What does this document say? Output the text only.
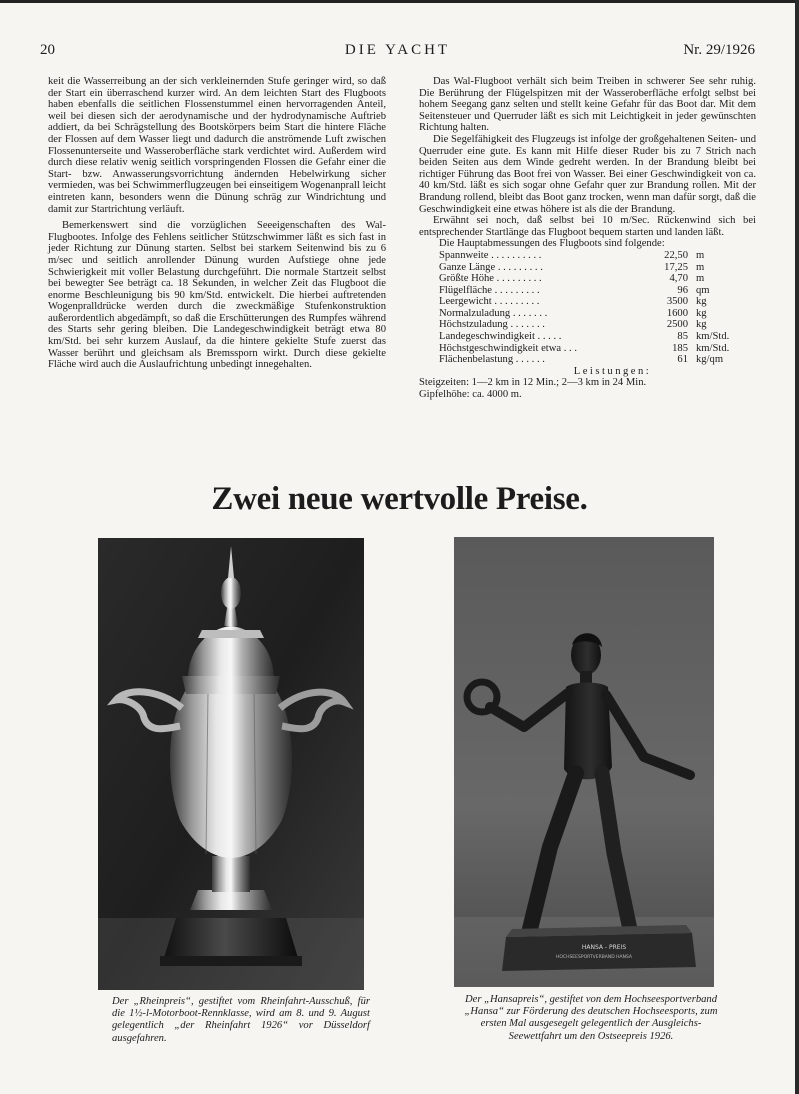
20	DIE YACHT	Nr. 29/1926

keit die Wasserreibung an der sich verkleinernden Stufe geringer wird, so daß der Start ein überraschend kurzer wird. An dem leichten Start des Flugboots haben ebenfalls die seitlichen Flossenstummel einen hervorragenden Anteil, weil bei diesen sich der aerodynamische und der hydrodynamische Auftrieb addiert, da bei Schrägstellung des Bootskörpers beim Start die hintere Fläche der Flossen auf dem Wasser liegt und dadurch die anströmende Luft zwischen Flossenunterseite und Wasseroberfläche stark verdichtet wird. Außerdem wird durch diese relativ wenig seitlich vorspringenden Flossen die Gefahr einer die Start- bzw. Anwasserungsvorrichtung ändernden Hebelwirkung sicher vermieden, was bei Schwimmerflugzeugen bei einseitigem Wogenanprall leicht eintreten kann, besonders wenn die Dünung schräg zur Windrichtung und damit zur Startrichtung verläuft.

Bemerkenswert sind die vorzüglichen Seeeigenschaften des Wal-Flugbootes. Infolge des Fehlens seitlicher Stützschwimmer läßt es sich fast in jeder Richtung zur Dünung starten. Selbst bei starkem Seitenwind bis zu 6 m/sec und seitlich anrollender Dünung wurden Aufstiege ohne jede Schwierigkeit mit voller Belastung durchgeführt. Die normale Startzeit selbst bei bewegter See beträgt ca. 18 Sekunden, in welcher Zeit das Flugboot die enorme Beschleunigung bis 90 km/Std. entwickelt. Die hierbei auftretenden Wogenpralldrücke werden durch die zweckmäßige Stufenkonstruktion außerordentlich abgedämpft, so daß die Erschütterungen des Rumpfes während des Starts sehr gering bleiben. Die Landegeschwindigkeit beträgt etwa 80 km/Std. bei sehr kurzem Auslauf, da die hintere gekielte Stufe zuerst das Wasser berührt und gleichsam als Bremssporn wirkt. Durch diese gekielte Fläche wird auch die Auslaufrichtung unbedingt innegehalten.

Das Wal-Flugboot verhält sich beim Treiben in schwerer See sehr ruhig. Die Berührung der Flügelspitzen mit der Wasseroberfläche erfolgt selbst bei hohem Seegang ganz selten und stellt keine Gefahr für das Boot dar. Mit dem Seitensteuer und Querruder läßt es sich mit Leichtigkeit in jeder gewünschten Richtung halten.

Die Segelfähigkeit des Flugzeugs ist infolge der großgehaltenen Seiten- und Querruder eine gute. Es kann mit Hilfe dieser Ruder bis zu 7 Strich nach beiden Seiten aus dem Winde gedreht werden. In der Brandung bleibt bei richtiger Führung das Boot frei von Wasser. Bei einer Geschwindigkeit von ca. 40 km/Std. läßt es sich sogar ohne Gefahr quer zur Brandung rollen. Mit der Brandung rollend, bleibt das Boot ganz trocken, wenn man dafür sorgt, daß die Geschwindigkeit eine etwas höhere ist als die der Brandung.

Erwähnt sei noch, daß selbst bei 10 m/Sec. Rückenwind sich bei entsprechender Startlänge das Flugboot bequem starten und landen läßt.

Die Hauptabmessungen des Flugboots sind folgende:
Spannweite . . . . . . . . . .	22,50 m
Ganze Länge . . . . . . . . .	17,25 m
Größte Höhe . . . . . . . . .	4,70 m
Flügelfläche . . . . . . . . .	96 qm
Leergewicht . . . . . . . . .	3500 kg
Normalzuladung . . . . . . .	1600 kg
Höchstzuladung . . . . . . .	2500 kg
Landegeschwindigkeit . . . . .	85 km/Std.
Höchstgeschwindigkeit etwa . . .	185 km/Std.
Flächenbelastung . . . . . .	61 kg/qm
Leistungen:
Steigzeiten: 1—2 km in 12 Min.; 2—3 km in 24 Min.
Gipfelhöhe: ca. 4000 m.
Zwei neue wertvolle Preise.
HANSA - PREIS
HOCHSEESPORTVERBAND HANSA
Der „Rheinpreis“, gestiftet vom Rheinfahrt-Ausschuß, für die 1½-l-Motorboot-Rennklasse, wird am 8. und 9. August gelegentlich „der Rheinfahrt 1926“ vor Düsseldorf ausgefahren.
Der „Hansapreis“, gestiftet von dem Hochseesportverband „Hansa“ zur Förderung des deutschen Hochseesports, zum ersten Mal ausgesegelt gelegentlich der Ausgleichs-Seewettfahrt um den Ostseepreis 1926.
